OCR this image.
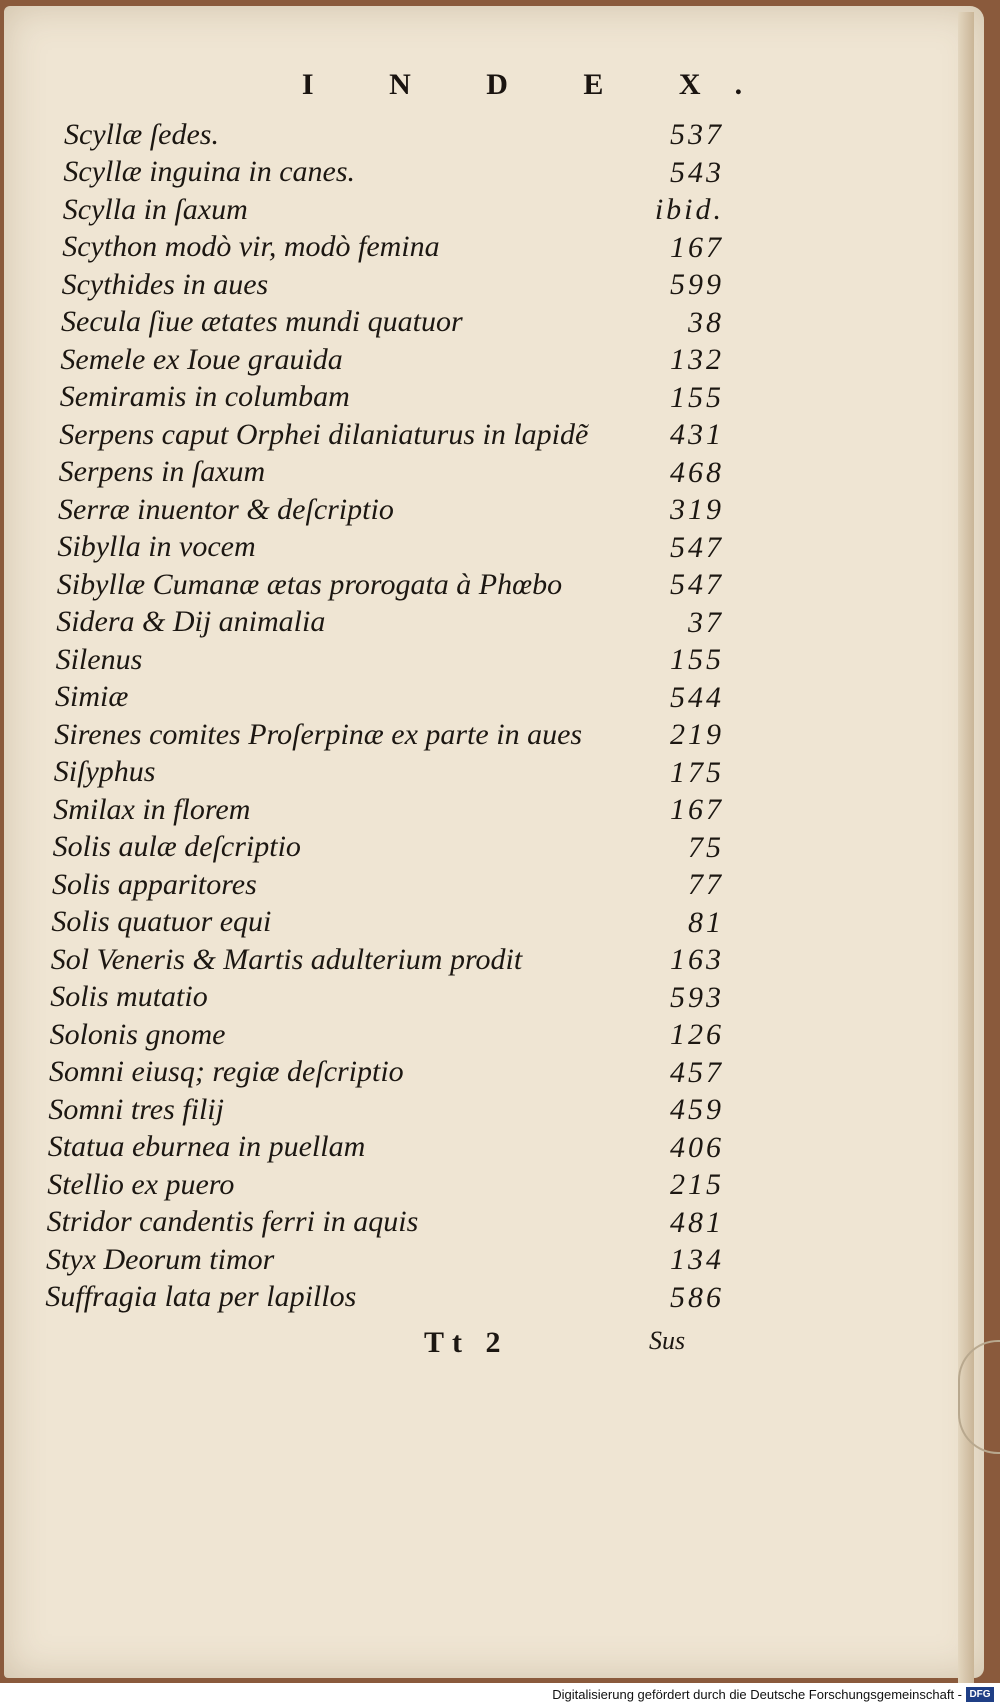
I N D E X.
Scyllæ ſedes.	537
Scyllæ inguina in canes.	543
Scylla in ſaxum	ibid.
Scython modò vir, modò femina	167
Scythides in aues	599
Secula ſiue ætates mundi quatuor	38
Semele ex Ioue grauida	132
Semiramis in columbam	155
Serpens caput Orphei dilaniaturus in lapidẽ	431
Serpens in ſaxum	468
Serræ inuentor & deſcriptio	319
Sibylla in vocem	547
Sibyllæ Cumanæ ætas prorogata à Phœbo	547
Sidera & Dij animalia	37
Silenus	155
Simiæ	544
Sirenes comites Proſerpinæ ex parte in aues	219
Siſyphus	175
Smilax in florem	167
Solis aulæ deſcriptio	75
Solis apparitores	77
Solis quatuor equi	81
Sol Veneris & Martis adulterium prodit	163
Solis mutatio	593
Solonis gnome	126
Somni eiusq; regiæ deſcriptio	457
Somni tres filij	459
Statua eburnea in puellam	406
Stellio ex puero	215
Stridor candentis ferri in aquis	481
Styx Deorum timor	134
Suffragia lata per lapillos	586
Tt 2	Sus
Digitalisierung gefördert durch die Deutsche Forschungsgemeinschaft - DFG
